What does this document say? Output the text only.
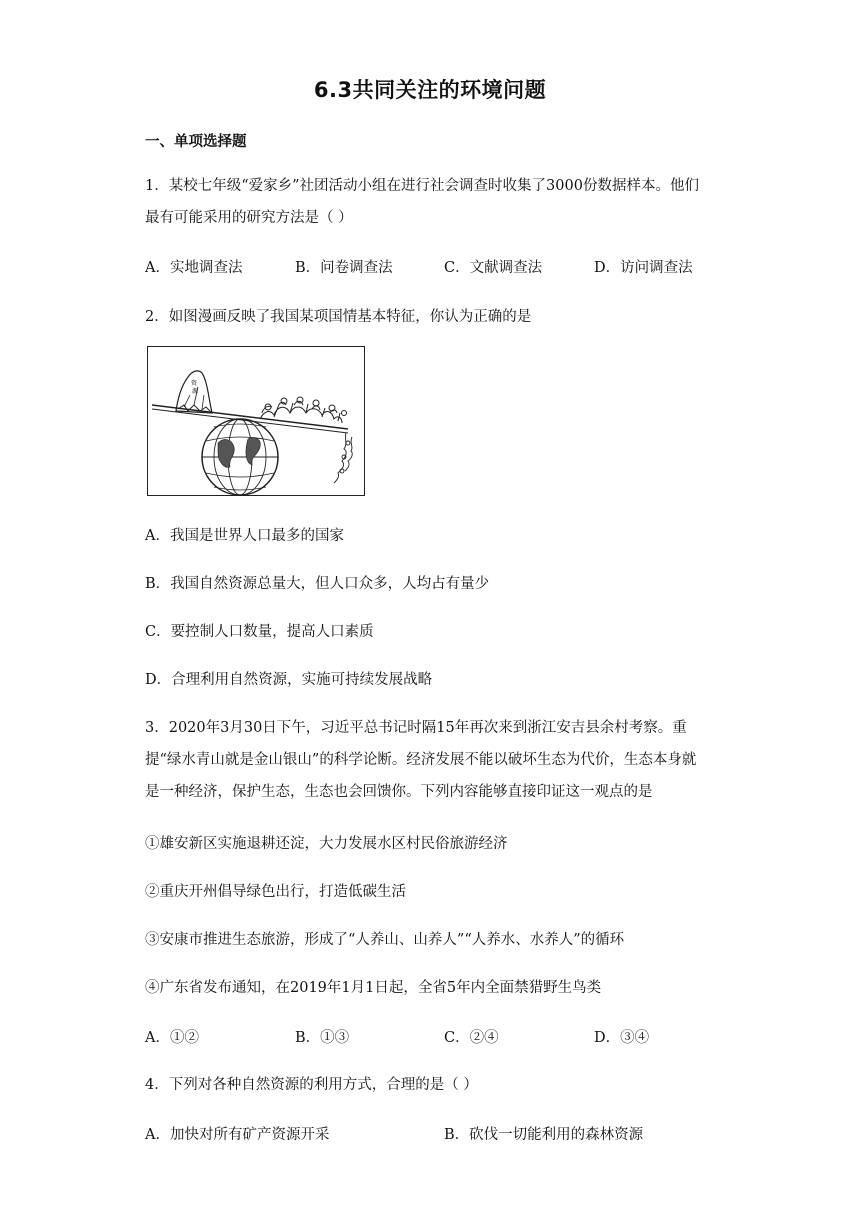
6.3共同关注的环境问题
一、单项选择题
1．某校七年级“爱家乡”社团活动小组在进行社会调查时收集了3000份数据样本。他们
最有可能采用的研究方法是（ ）
A．实地调查法	B．问卷调查法	C．文献调查法	D．访问调查法
2．如图漫画反映了我国某项国情基本特征，你认为正确的是
资
源
A．我国是世界人口最多的国家
B．我国自然资源总量大，但人口众多，人均占有量少
C．要控制人口数量，提高人口素质
D．合理利用自然资源，实施可持续发展战略
3．2020年3月30日下午，习近平总书记时隔15年再次来到浙江安吉县余村考察。重
提“绿水青山就是金山银山”的科学论断。经济发展不能以破坏生态为代价，生态本身就
是一种经济，保护生态，生态也会回馈你。下列内容能够直接印证这一观点的是
①雄安新区实施退耕还淀，大力发展水区村民俗旅游经济
②重庆开州倡导绿色出行，打造低碳生活
③安康市推进生态旅游，形成了“人养山、山养人”“人养水、水养人”的循环
④广东省发布通知，在2019年1月1日起，全省5年内全面禁猎野生鸟类
A．①②	B．①③	C．②④	D．③④
4．下列对各种自然资源的利用方式，合理的是（ ）
A．加快对所有矿产资源开采	B．砍伐一切能利用的森林资源
